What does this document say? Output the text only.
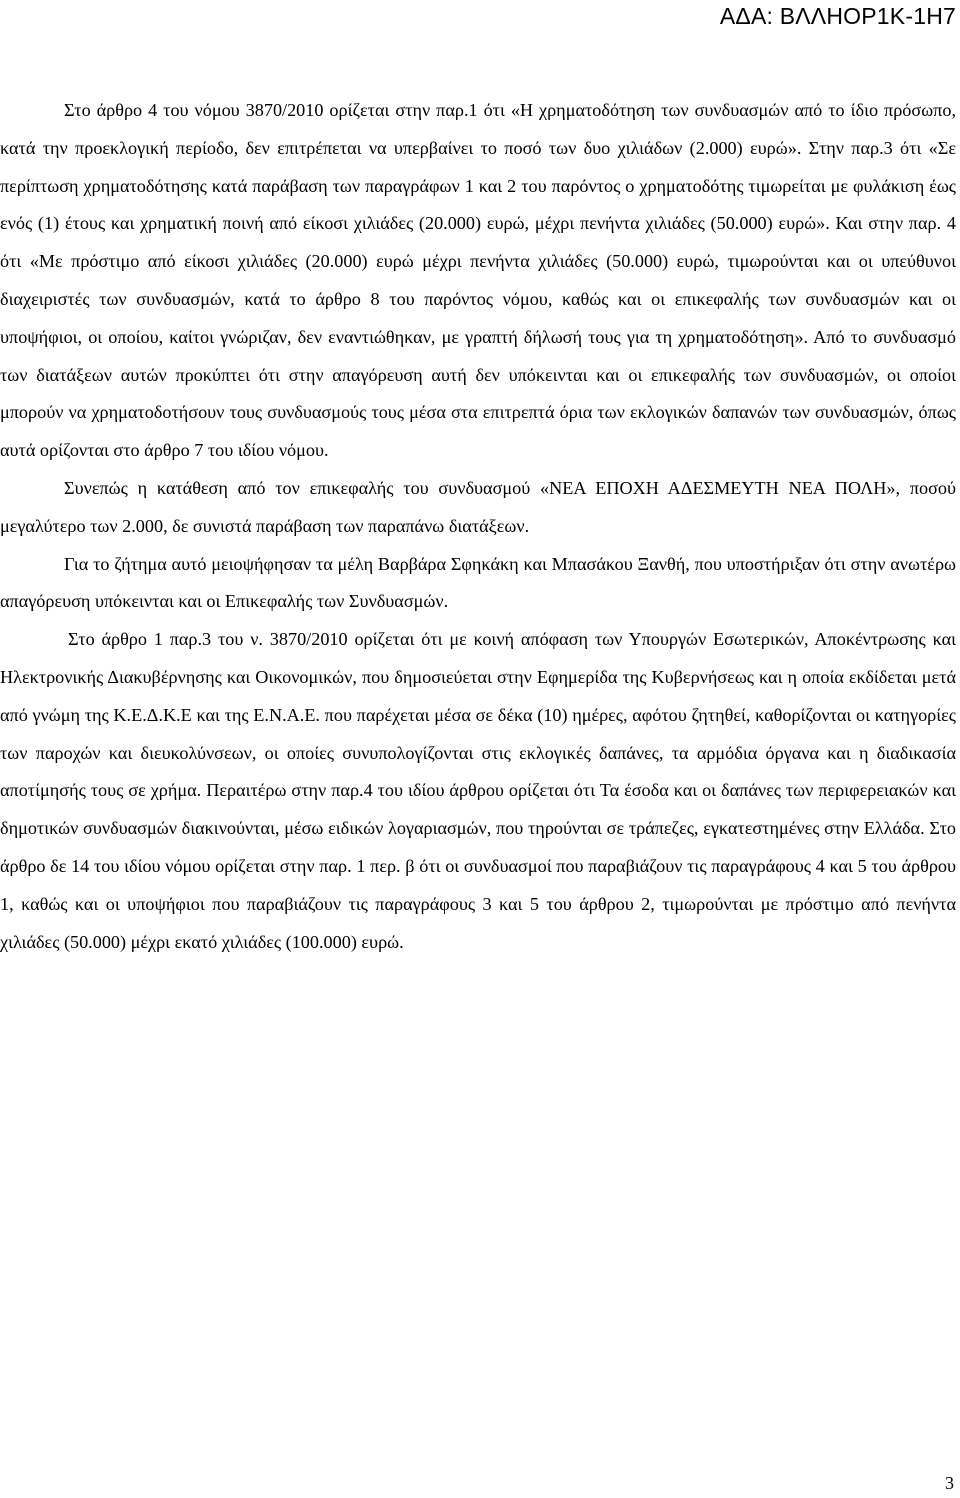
ΑΔΑ: ΒΛΛΗΟΡ1Κ-1Η7

Στο άρθρο 4 του νόμου 3870/2010 ορίζεται στην παρ.1 ότι «Η χρηματοδότηση των συνδυασμών από το ίδιο πρόσωπο, κατά την προεκλογική περίοδο, δεν επιτρέπεται να υπερβαίνει το ποσό των δυο χιλιάδων (2.000) ευρώ». Στην παρ.3 ότι «Σε περίπτωση χρηματοδότησης κατά παράβαση των παραγράφων 1 και 2 του παρόντος ο χρηματοδότης τιμωρείται με φυλάκιση έως ενός (1) έτους και χρηματική ποινή από είκοσι χιλιάδες (20.000) ευρώ, μέχρι πενήντα χιλιάδες (50.000) ευρώ». Και στην παρ. 4 ότι «Με πρόστιμο από είκοσι χιλιάδες (20.000) ευρώ μέχρι πενήντα χιλιάδες (50.000) ευρώ, τιμωρούνται και οι υπεύθυνοι διαχειριστές των συνδυασμών, κατά το άρθρο 8 του παρόντος νόμου, καθώς και οι επικεφαλής των συνδυασμών και οι υποψήφιοι, οι οποίου, καίτοι γνώριζαν, δεν εναντιώθηκαν, με γραπτή δήλωσή τους για τη χρηματοδότηση». Από το συνδυασμό των διατάξεων αυτών προκύπτει ότι στην απαγόρευση αυτή δεν υπόκεινται και οι επικεφαλής των συνδυασμών, οι οποίοι μπορούν να χρηματοδοτήσουν τους συνδυασμούς τους μέσα στα επιτρεπτά όρια των εκλογικών δαπανών των συνδυασμών, όπως αυτά ορίζονται στο άρθρο 7 του ιδίου νόμου.

Συνεπώς η κατάθεση από τον επικεφαλής του συνδυασμού «ΝΕΑ ΕΠΟΧΗ ΑΔΕΣΜΕΥΤΗ ΝΕΑ ΠΟΛΗ», ποσού μεγαλύτερο των 2.000, δε συνιστά παράβαση των παραπάνω διατάξεων.

Για το ζήτημα αυτό μειοψήφησαν τα μέλη Βαρβάρα Σφηκάκη και Μπασάκου Ξανθή, που υποστήριξαν ότι στην ανωτέρω απαγόρευση υπόκεινται και οι Επικεφαλής των Συνδυασμών.

Στο άρθρο 1 παρ.3 του ν. 3870/2010 ορίζεται ότι με κοινή απόφαση των Υπουργών Εσωτερικών, Αποκέντρωσης και Ηλεκτρονικής Διακυβέρνησης και Οικονομικών, που δημοσιεύεται στην Εφημερίδα της Κυβερνήσεως και η οποία εκδίδεται μετά από γνώμη της Κ.Ε.Δ.Κ.Ε και της Ε.Ν.Α.Ε. που παρέχεται μέσα σε δέκα (10) ημέρες, αφότου ζητηθεί, καθορίζονται οι κατηγορίες των παροχών και διευκολύνσεων, οι οποίες συνυπολογίζονται στις εκλογικές δαπάνες, τα αρμόδια όργανα και η διαδικασία αποτίμησής τους σε χρήμα. Περαιτέρω στην παρ.4 του ιδίου άρθρου ορίζεται ότι Τα έσοδα και οι δαπάνες των περιφερειακών και δημοτικών συνδυασμών διακινούνται, μέσω ειδικών λογαριασμών, που τηρούνται σε τράπεζες, εγκατεστημένες στην Ελλάδα. Στο άρθρο δε 14 του ιδίου νόμου ορίζεται στην παρ. 1 περ. β ότι οι συνδυασμοί που παραβιάζουν τις παραγράφους 4 και 5 του άρθρου 1, καθώς και οι υποψήφιοι που παραβιάζουν τις παραγράφους 3 και 5 του άρθρου 2, τιμωρούνται με πρόστιμο από πενήντα χιλιάδες (50.000) μέχρι εκατό χιλιάδες (100.000) ευρώ.

3
